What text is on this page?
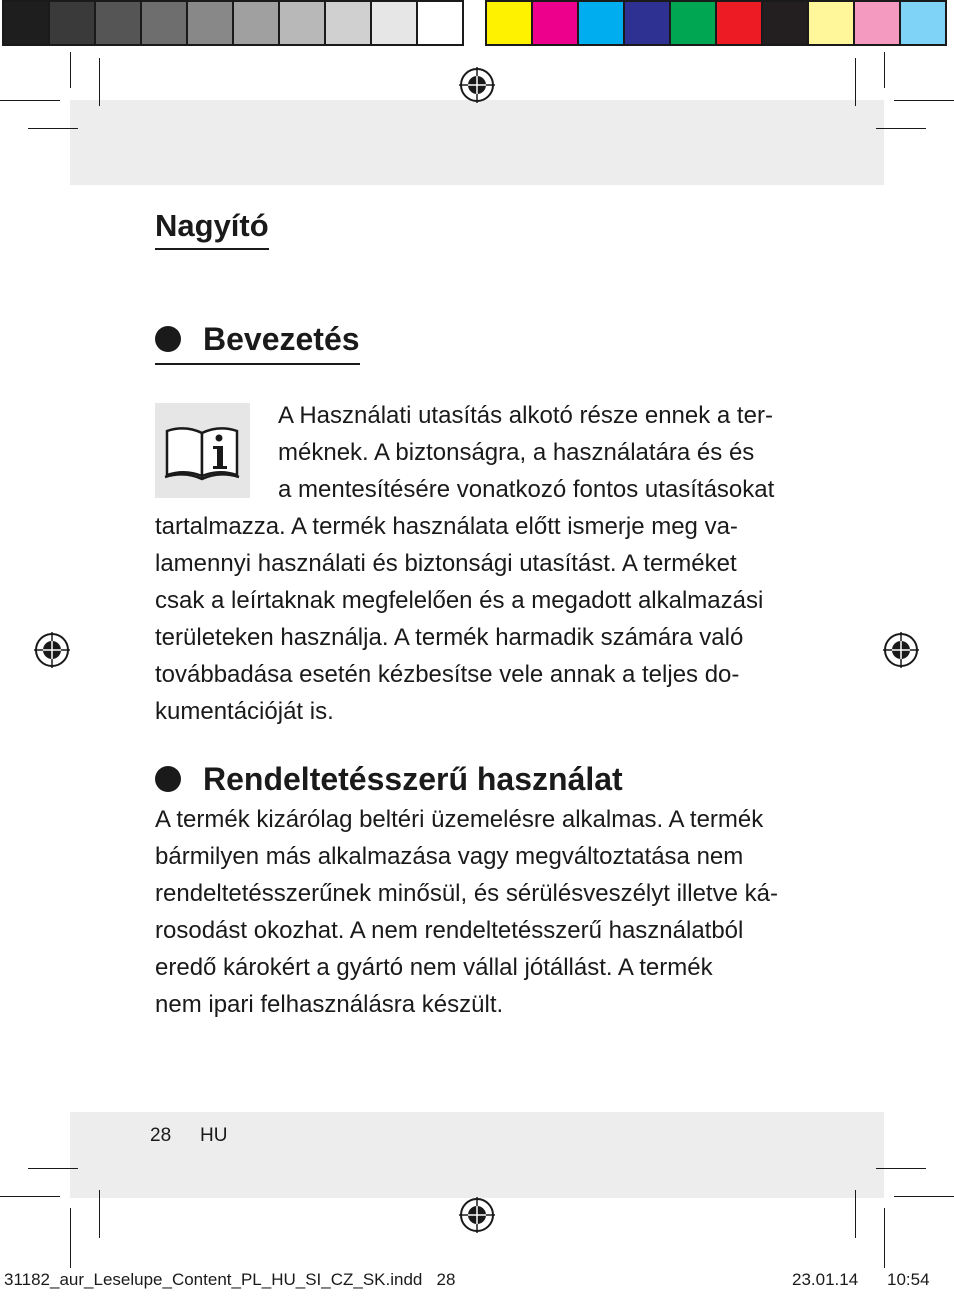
Nagyító
Bevezetés
A Használati utasítás alkotó része ennek a ter-
méknek. A biztonságra, a használatára és és
a mentesítésére vonatkozó fontos utasításokat
tartalmazza. A termék használata előtt ismerje meg va-
lamennyi használati és biztonsági utasítást. A terméket
csak a leírtaknak megfelelően és a megadott alkalmazási
területeken használja. A termék harmadik számára való
továbbadása esetén kézbesítse vele annak a teljes do-
kumentációját is.
Rendeltetésszerű használat
A termék kizárólag beltéri üzemelésre alkalmas. A termék
bármilyen más alkalmazása vagy megváltoztatása nem
rendeltetésszerűnek minősül, és sérülésveszélyt illetve ká-
rosodást okozhat. A nem rendeltetésszerű használatból
eredő károkért a gyártó nem vállal jótállást. A termék
nem ipari felhasználásra készült.
28 HU
31182_aur_Leselupe_Content_PL_HU_SI_CZ_SK.indd   28	23.01.14 10:54
